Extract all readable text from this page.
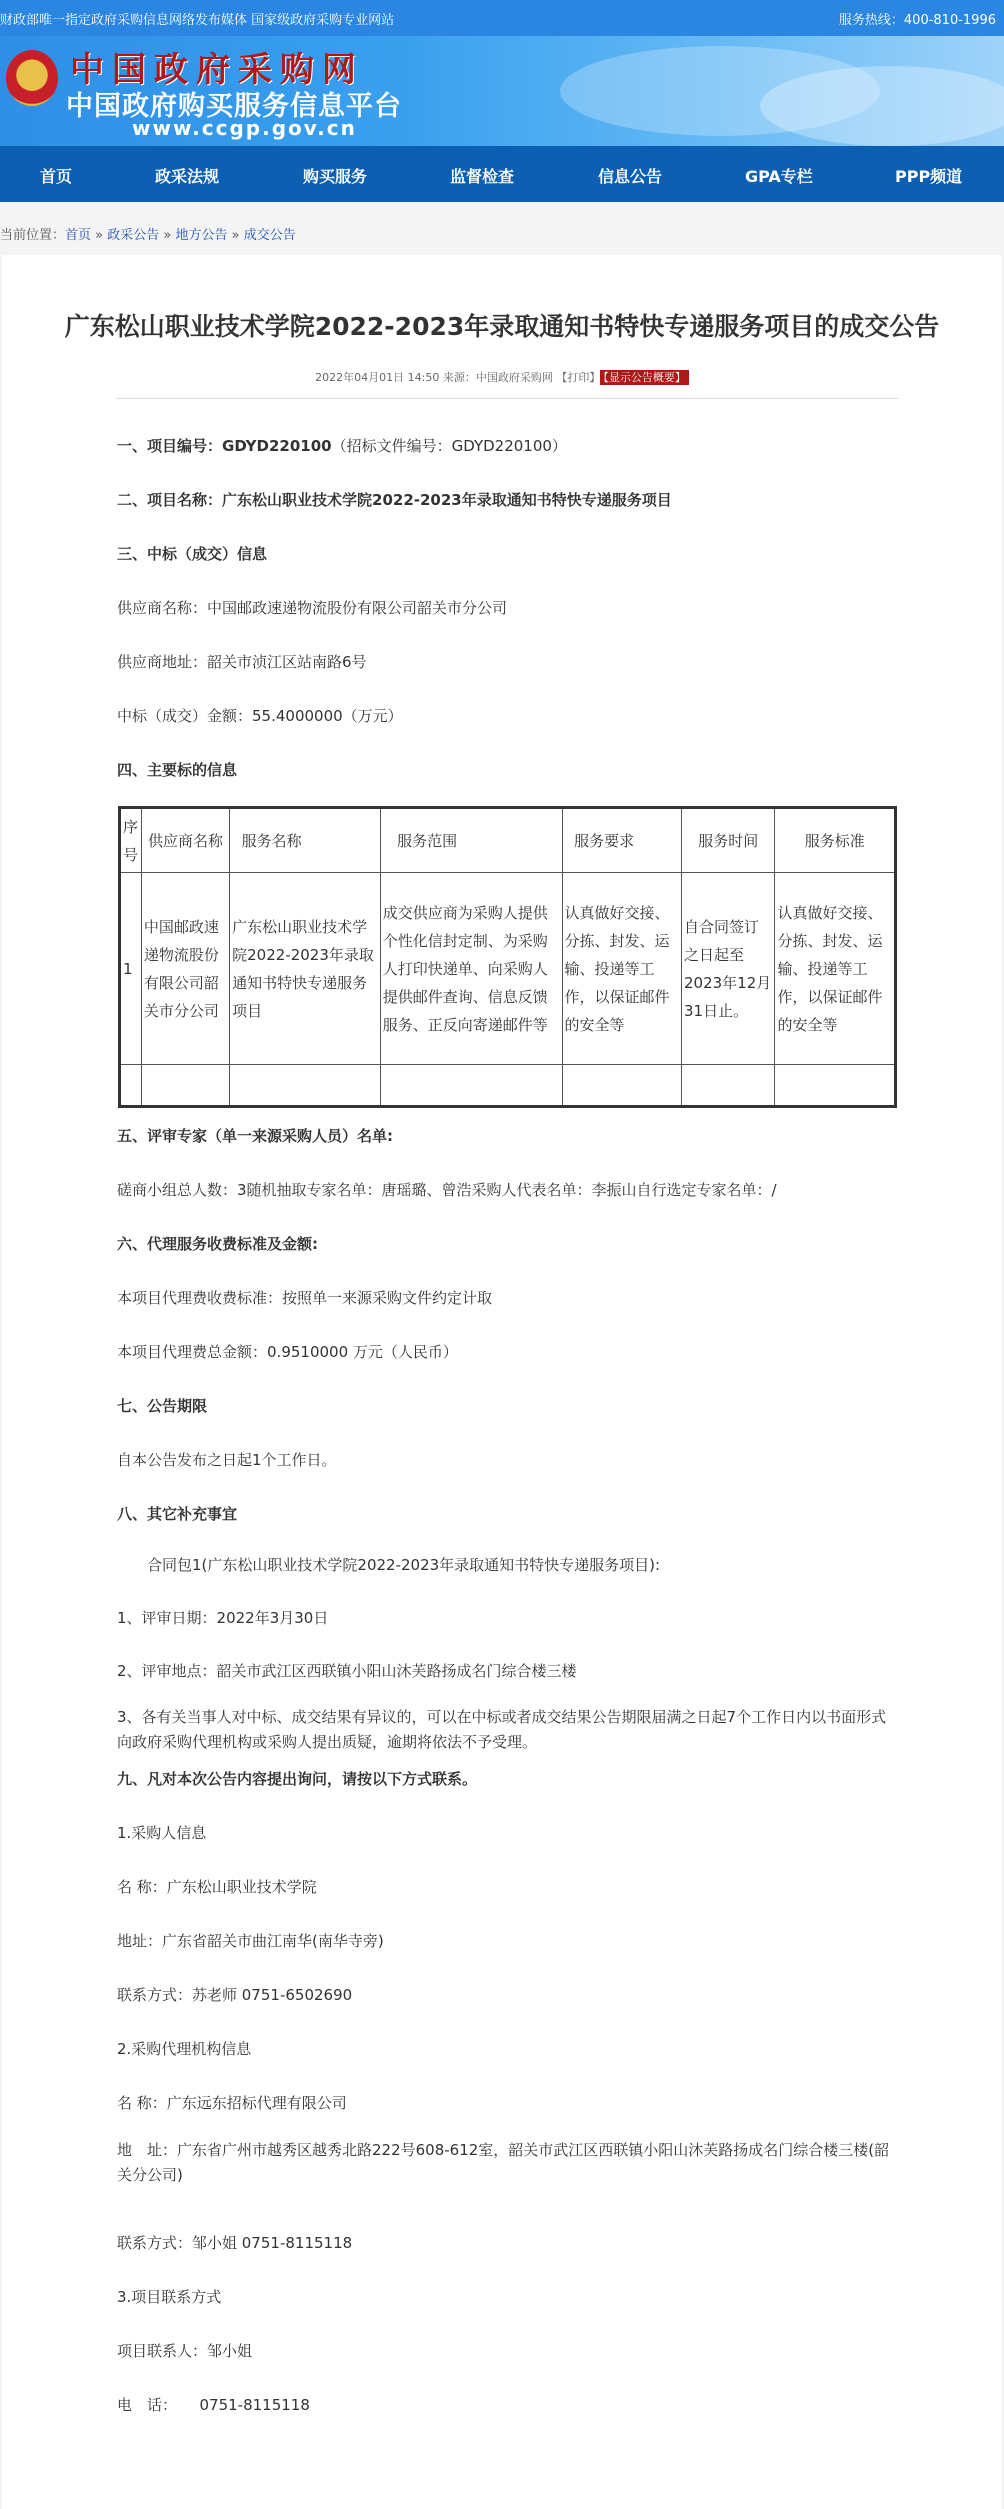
财政部唯一指定政府采购信息网络发布媒体 国家级政府采购专业网站	服务热线：400-810-1996
中国政府采购网
中国政府购买服务信息平台
www.ccgp.gov.cn
首页	政采法规	购买服务	监督检查	信息公告	GPA专栏	PPP频道
当前位置：首页 » 政采公告 » 地方公告 » 成交公告
广东松山职业技术学院2022-2023年录取通知书特快专递服务项目的成交公告
2022年04月01日 14:50 来源：中国政府采购网 【打印】 【显示公告概要】
一、项目编号：GDYD220100（招标文件编号：GDYD220100）
二、项目名称：广东松山职业技术学院2022-2023年录取通知书特快专递服务项目
三、中标（成交）信息
供应商名称：中国邮政速递物流股份有限公司韶关市分公司
供应商地址：韶关市浈江区站南路6号
中标（成交）金额：55.4000000（万元）
四、主要标的信息
序号	供应商名称	服务名称	服务范围	服务要求	服务时间	服务标准
1	中国邮政速递物流股份有限公司韶关市分公司	广东松山职业技术学院2022-2023年录取通知书特快专递服务项目	成交供应商为采购人提供个性化信封定制、为采购人打印快递单、向采购人提供邮件查询、信息反馈服务、正反向寄递邮件等	认真做好交接、分拣、封发、运输、投递等工作，以保证邮件的安全等	自合同签订之日起至2023年12月31日止。	认真做好交接、分拣、封发、运输、投递等工作，以保证邮件的安全等

五、评审专家（单一来源采购人员）名单:
磋商小组总人数：3随机抽取专家名单：唐瑶璐、曾浩采购人代表名单：李振山自行选定专家名单：/
六、代理服务收费标准及金额:
本项目代理费收费标准：按照单一来源采购文件约定计取
本项目代理费总金额：0.9510000 万元（人民币）
七、公告期限
自本公告发布之日起1个工作日。
八、其它补充事宜
合同包1(广东松山职业技术学院2022-2023年录取通知书特快专递服务项目):
1、评审日期：2022年3月30日
2、评审地点：韶关市武江区西联镇小阳山沐芙路扬成名门综合楼三楼
3、各有关当事人对中标、成交结果有异议的，可以在中标或者成交结果公告期限届满之日起7个工作日内以书面形式向政府采购代理机构或采购人提出质疑，逾期将依法不予受理。
九、凡对本次公告内容提出询问，请按以下方式联系。
1.采购人信息
名 称：广东松山职业技术学院
地址：广东省韶关市曲江南华(南华寺旁)
联系方式：苏老师 0751-6502690
2.采购代理机构信息
名 称：广东远东招标代理有限公司
地　址：广东省广州市越秀区越秀北路222号608-612室，韶关市武江区西联镇小阳山沐芙路扬成名门综合楼三楼(韶关分公司)
联系方式：邹小姐 0751-8115118
3.项目联系方式
项目联系人：邹小姐
电　话：　　0751-8115118
